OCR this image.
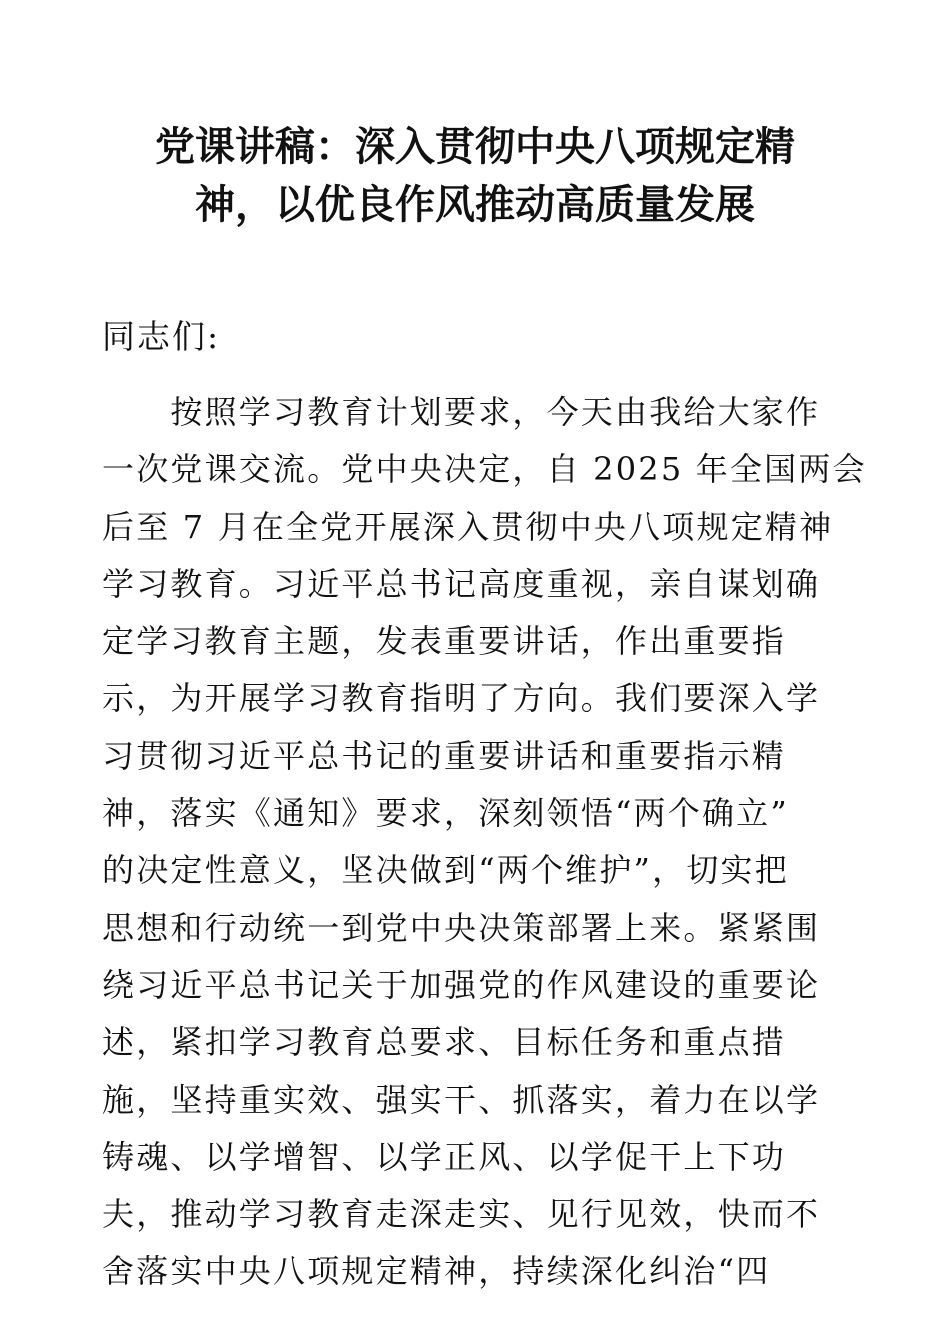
党课讲稿：深入贯彻中央八项规定精
神，以优良作风推动高质量发展

同志们:

　　按照学习教育计划要求，今天由我给大家作
一次党课交流。党中央决定，自 2025 年全国两会
后至 7 月在全党开展深入贯彻中央八项规定精神
学习教育。习近平总书记高度重视，亲自谋划确
定学习教育主题，发表重要讲话，作出重要指
示，为开展学习教育指明了方向。我们要深入学
习贯彻习近平总书记的重要讲话和重要指示精
神，落实《通知》要求，深刻领悟“两个确立”
的决定性意义，坚决做到“两个维护”，切实把
思想和行动统一到党中央决策部署上来。紧紧围
绕习近平总书记关于加强党的作风建设的重要论
述，紧扣学习教育总要求、目标任务和重点措
施，坚持重实效、强实干、抓落实，着力在以学
铸魂、以学增智、以学正风、以学促干上下功
夫，推动学习教育走深走实、见行见效，快而不
舍落实中央八项规定精神，持续深化纠治“四
